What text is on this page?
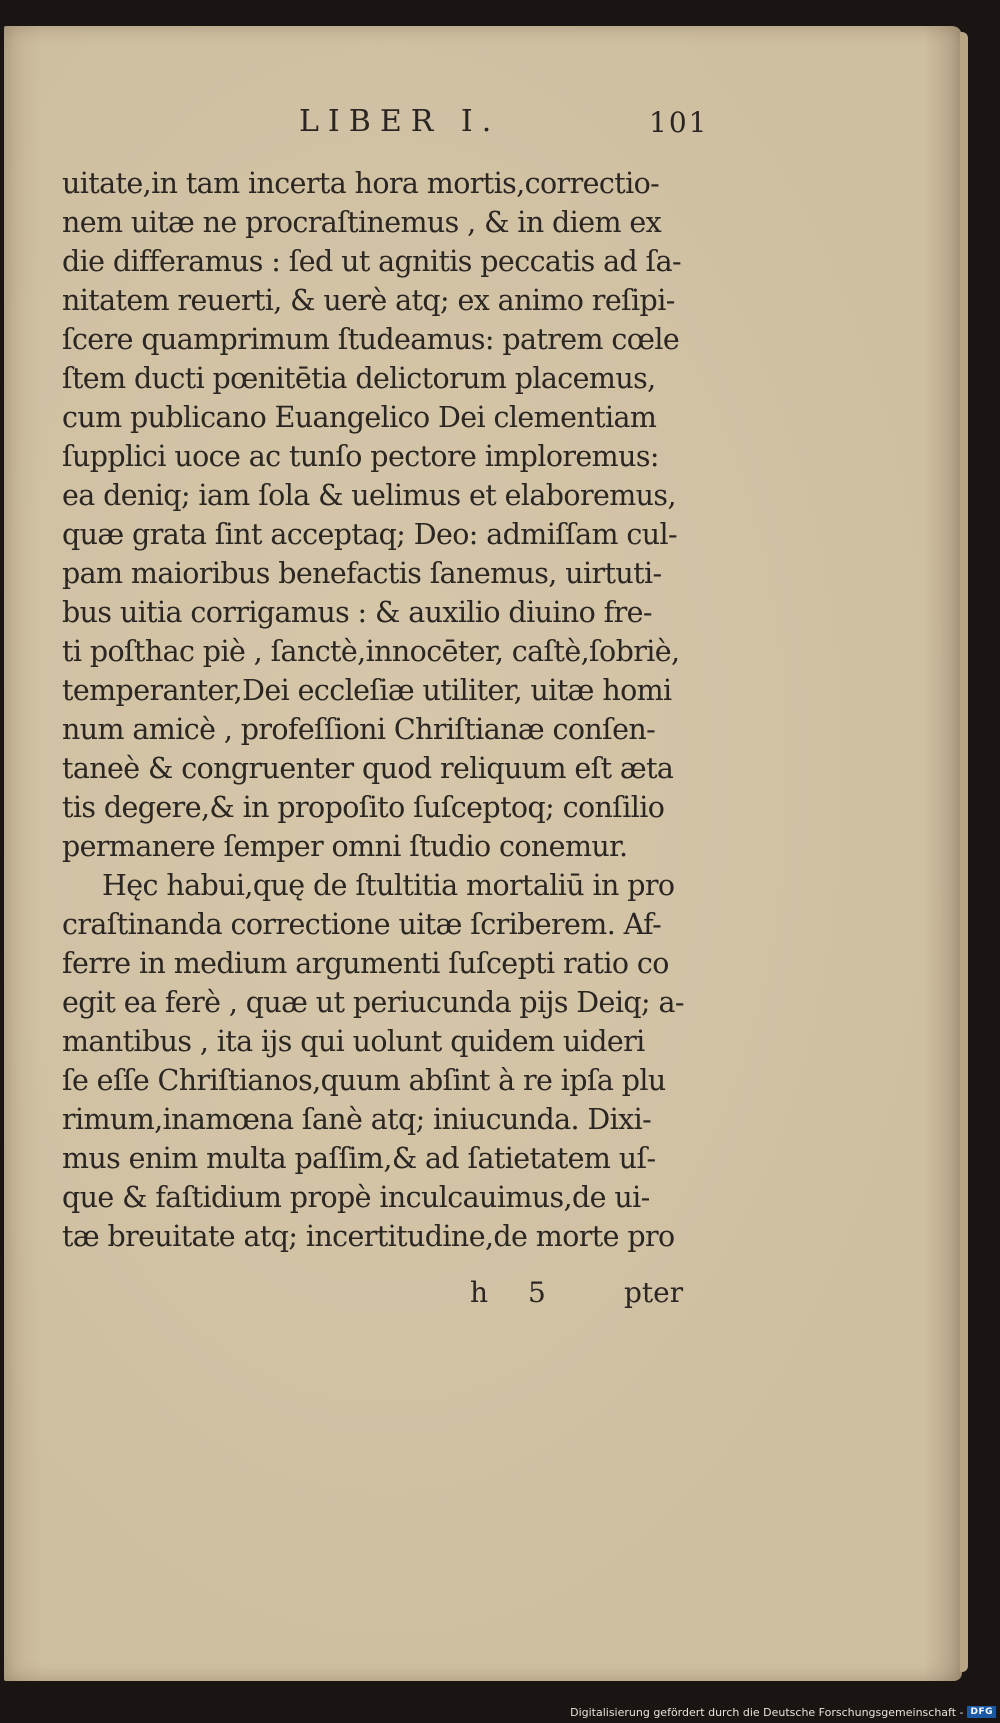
LIBER I.	101
uitate,in tam incerta hora mortis,correctio-
nem uitæ ne procraſtinemus , & in diem ex
die differamus : ſed ut agnitis peccatis ad ſa-
nitatem reuerti, & uerè atq; ex animo reſipi-
ſcere quamprimum ſtudeamus: patrem cœle
ſtem ducti pœnitētia delictorum placemus,
cum publicano Euangelico Dei clementiam
ſupplici uoce ac tunſo pectore imploremus:
ea deniq; iam ſola & uelimus et elaboremus,
quæ grata ſint acceptaq; Deo: admiſſam cul-
pam maioribus benefactis ſanemus, uirtuti-
bus uitia corrigamus : & auxilio diuino fre-
ti poſthac piè , ſanctè,innocēter, caſtè,ſobriè,
temperanter,Dei eccleſiæ utiliter, uitæ homi
num amicè , profeſſioni Chriſtianæ conſen-
taneè & congruenter quod reliquum eſt æta
tis degere,& in propoſito ſuſceptoq; conſilio
permanere ſemper omni ſtudio conemur.
Hęc habui,quę de ſtultitia mortaliū in pro
craſtinanda correctione uitæ ſcriberem. Af-
ferre in medium argumenti ſuſcepti ratio co
egit ea ferè , quæ ut periucunda pijs Deiq; a-
mantibus , ita ijs qui uolunt quidem uideri
ſe eſſe Chriſtianos,quum abſint à re ipſa plu
rimum,inamœna ſanè atq; iniucunda. Dixi-
mus enim multa paſſim,& ad ſatietatem uſ-
que & faſtidium propè inculcauimus,de ui-
tæ breuitate atq; incertitudine,de morte pro
h 5	pter
Digitalisierung gefördert durch die Deutsche Forschungsgemeinschaft - DFG
